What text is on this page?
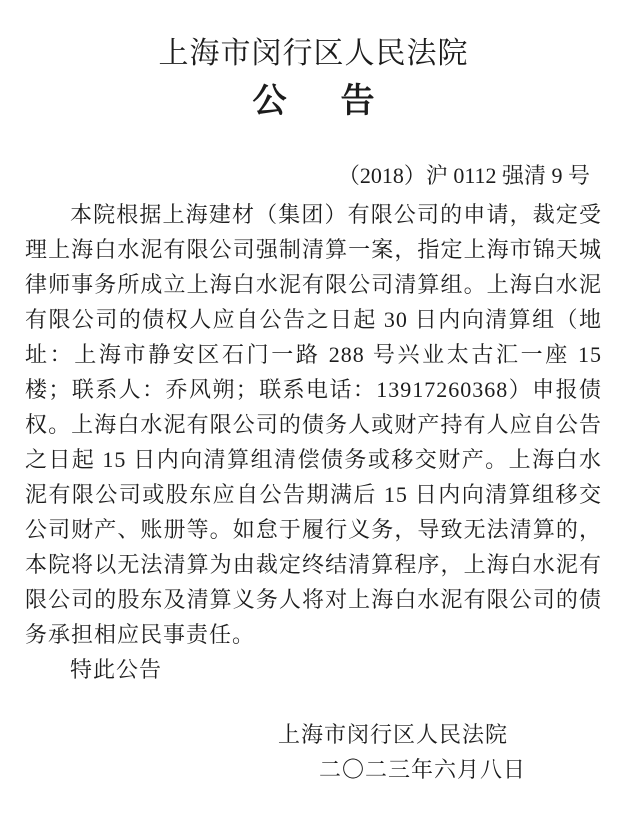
上海市闵行区人民法院
公　告
（2018）沪 0112 强清 9 号

本院根据上海建材（集团）有限公司的申请，裁定受理上海白水泥有限公司强制清算一案，指定上海市锦天城律师事务所成立上海白水泥有限公司清算组。上海白水泥有限公司的债权人应自公告之日起 30 日内向清算组（地址：上海市静安区石门一路 288 号兴业太古汇一座 15 楼；联系人：乔风朔；联系电话：13917260368）申报债权。上海白水泥有限公司的债务人或财产持有人应自公告之日起 15 日内向清算组清偿债务或移交财产。上海白水泥有限公司或股东应自公告期满后 15 日内向清算组移交公司财产、账册等。如怠于履行义务，导致无法清算的，本院将以无法清算为由裁定终结清算程序，上海白水泥有限公司的股东及清算义务人将对上海白水泥有限公司的债务承担相应民事责任。

特此公告

上海市闵行区人民法院
二〇二三年六月八日
